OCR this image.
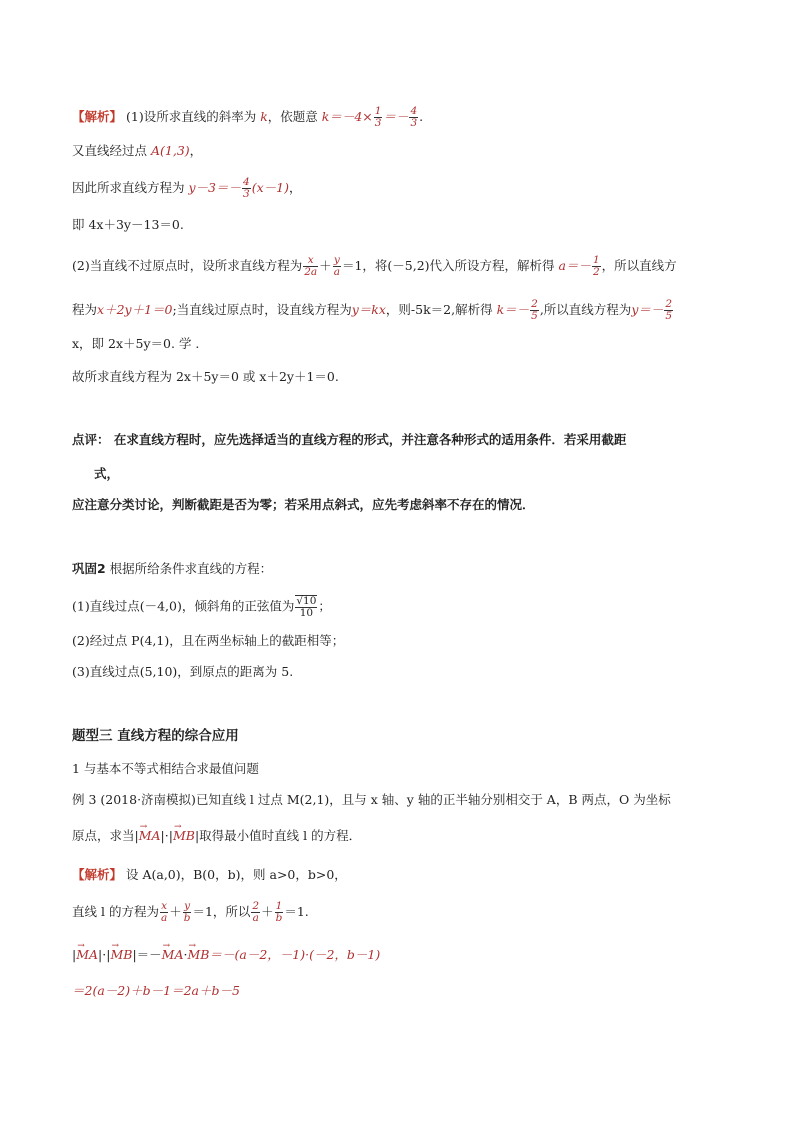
【解析】 (1)设所求直线的斜率为 k，依题意 $k=-4\times \frac{1}{3} =- \frac{4}{3}$ .
又直线经过点 A(1,3)，
因此所求直线方程为 $y-3=- \frac{4}{3} (x-1)$，
即 4x＋3y－13＝0.
(2)当直线不过原点时，设所求直线方程为 $\frac{x}{2a} + \frac{y}{a} =1$，将(－5,2)代入所设方程，解析得 $a=- \frac{1}{2}$ ，所以直线方
程为x＋2y＋1＝0;当直线过原点时，设直线方程为y＝kx，则-5k＝2,解析得 $k=- \frac{2}{5}$ ,所以直线方程为$y=- \frac{2}{5}$
x，即 2x＋5y＝0. 学 .
故所求直线方程为 2x＋5y＝0 或 x＋2y＋1＝0.
点评： 在求直线方程时，应先选择适当的直线方程的形式，并注意各种形式的适用条件．若采用截距
式，
应注意分类讨论，判断截距是否为零；若采用点斜式，应先考虑斜率不存在的情况．
巩固2 根据所给条件求直线的方程：
(1)直线过点(－4,0)，倾斜角的正弦值为 $\frac{√10}{10}$ ；
(2)经过点 P(4,1)，且在两坐标轴上的截距相等；
(3)直线过点(5,10)，到原点的距离为 5.
题型三 直线方程的综合应用
1 与基本不等式相结合求最值问题
例 3 (2018·济南模拟)已知直线 l 过点 M(2,1)，且与 x 轴、y 轴的正半轴分别相交于 A，B 两点，O 为坐标
原点，求当|→ MA|·|→ MB|取得最小值时直线 l 的方程．
【解析】 设 A(a,0)，B(0，b)，则 a>0，b>0，
直线 l 的方程为 $\frac{x}{a} + \frac{y}{b} =1$，所以 $\frac{2}{a} + \frac{1}{b} =1$.
|→ MA|·|→ MB|＝－→ MA·→ MB＝－(a－2，－1)·(－2，b－1)
＝2(a－2)＋b－1＝2a＋b－5
